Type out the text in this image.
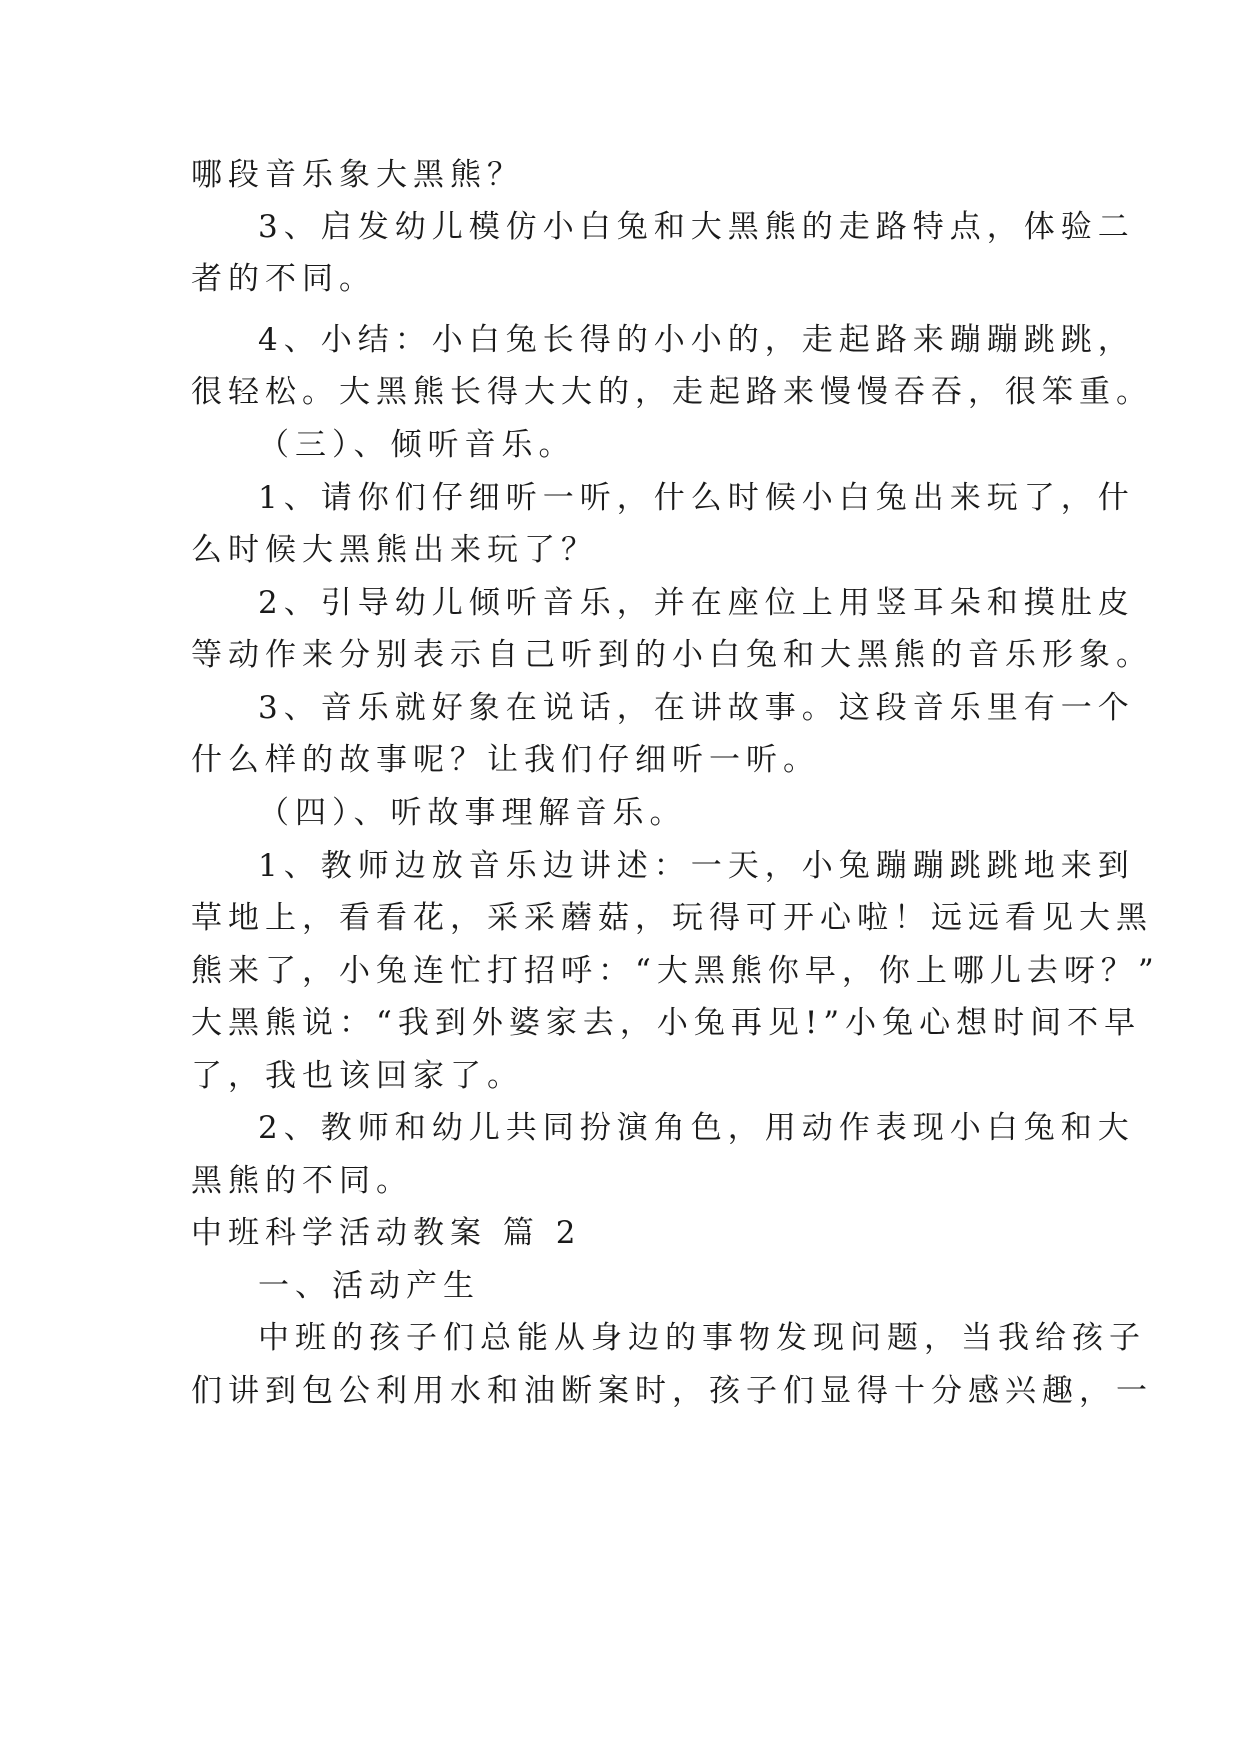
哪段音乐象大黑熊？
3、启发幼儿模仿小白兔和大黑熊的走路特点，体验二
者的不同。
4、小结：小白兔长得的小小的，走起路来蹦蹦跳跳，
很轻松。大黑熊长得大大的，走起路来慢慢吞吞，很笨重。
（三）、倾听音乐。
1、请你们仔细听一听，什么时候小白兔出来玩了，什
么时候大黑熊出来玩了？
2、引导幼儿倾听音乐，并在座位上用竖耳朵和摸肚皮
等动作来分别表示自己听到的小白兔和大黑熊的音乐形象。
3、音乐就好象在说话，在讲故事。这段音乐里有一个
什么样的故事呢？让我们仔细听一听。
（四）、听故事理解音乐。
1、教师边放音乐边讲述：一天，小兔蹦蹦跳跳地来到
草地上，看看花，采采蘑菇，玩得可开心啦！远远看见大黑
熊来了，小兔连忙打招呼：“大黑熊你早，你上哪儿去呀？”
大黑熊说：“我到外婆家去，小兔再见!”小兔心想时间不早
了，我也该回家了。
2、教师和幼儿共同扮演角色，用动作表现小白兔和大
黑熊的不同。
中班科学活动教案 篇 2
一、活动产生
中班的孩子们总能从身边的事物发现问题，当我给孩子
们讲到包公利用水和油断案时，孩子们显得十分感兴趣，一
